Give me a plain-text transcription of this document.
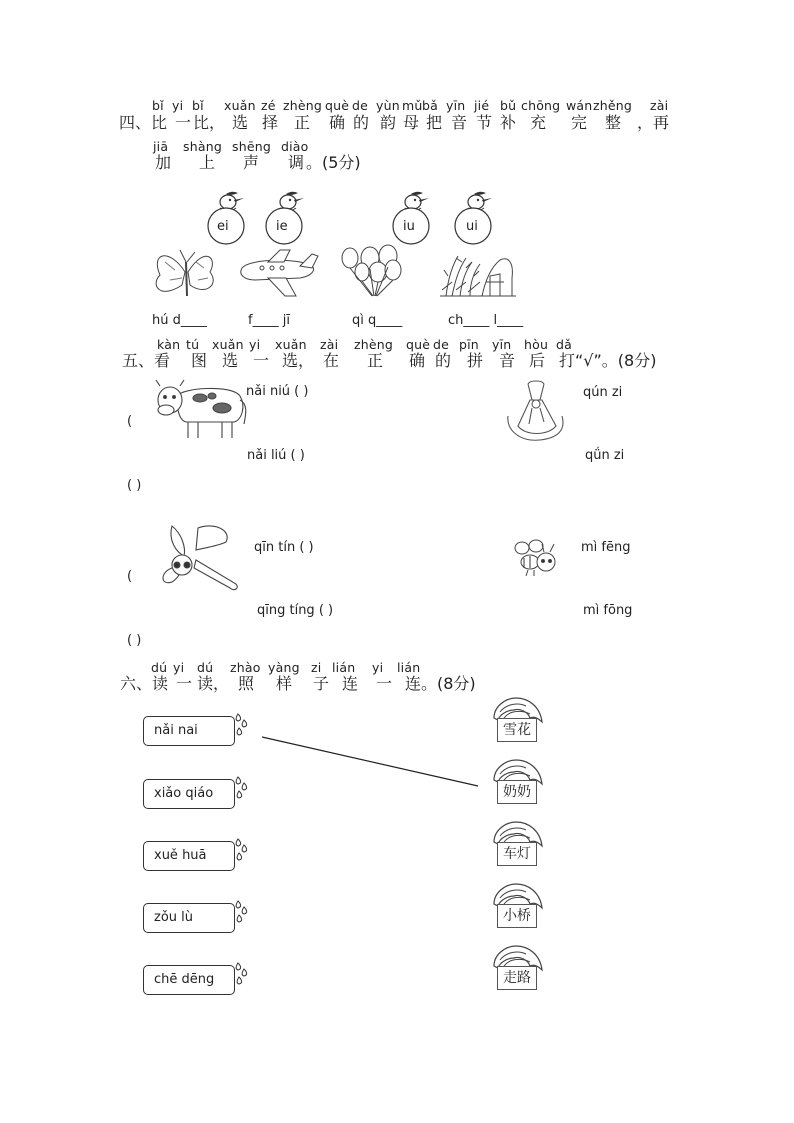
bǐ yi bǐ xuǎn zé zhèng què de yùn mǔ bǎ yīn jié bǔ chōng wán zhěng zài
四、比 一 比， 选 择 正 确 的 韵 母 把 音 节 补 充 完 整 ，再
jiā shàng shēng diào
加 上 声 调 。(5分)
ei	ie	iu	ui
hú d____	f____ jī	qì q____	ch____ l____
kàn tú xuǎn yi xuǎn zài zhèng què de pīn yīn hòu dǎ
五、看 图 选 一 选， 在 正 确 的 拼 音 后 打“√”。(8分)
nǎi niú ( )
nǎi liú ( )
qún zi
qǘn zi
(
( )
qīn tín ( )
qīng tíng ( )
mì fēng
mì fōng
(
( )
dú yi dú zhào yàng zi lián yi lián
六、读 一 读， 照 样 子 连 一 连。(8分)
nǎi nai
xiǎo qiáo
xuě huā
zǒu lù
chē dēng
雪花
奶奶
车灯
小桥
走路
